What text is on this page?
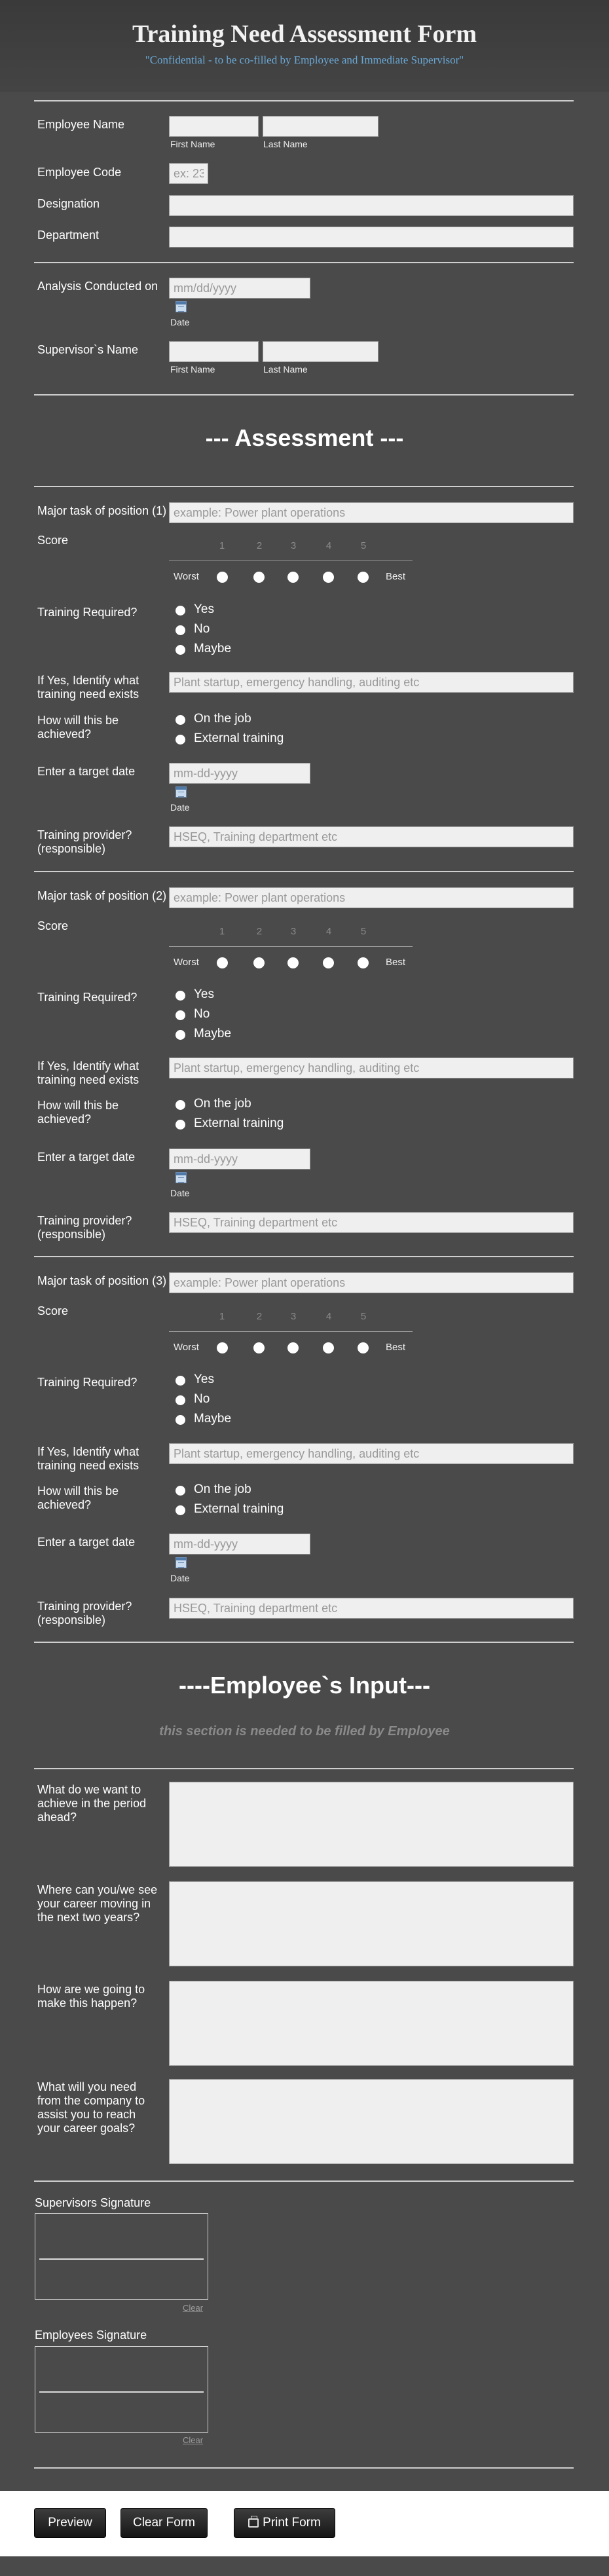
Training Need Assessment Form
"Confidential - to be co-filled by Employee and Immediate Supervisor"
Employee Name
First Name	Last Name
Employee Code
ex: 23
Designation
Department
Analysis Conducted on
mm/dd/yyyy
Date
Supervisor`s Name
First Name	Last Name
--- Assessment ---
Major task of position (1)
example: Power plant operations
Score	1	2	3	4	5
Worst	Best
Training Required?	Yes
No
Maybe
If Yes, Identify what training need exists
Plant startup, emergency handling, auditing etc
How will this be achieved?
On the job
External training
Enter a target date
mm-dd-yyyy
Date
Training provider? (responsible)
HSEQ, Training department etc
Major task of position (2)
example: Power plant operations
Score	1	2	3	4	5
Worst	Best
Training Required?	Yes
No
Maybe
If Yes, Identify what training need exists
Plant startup, emergency handling, auditing etc
How will this be achieved?
On the job
External training
Enter a target date
mm-dd-yyyy
Date
Training provider? (responsible)
HSEQ, Training department etc
Major task of position (3)
example: Power plant operations
Score	1	2	3	4	5
Worst	Best
Training Required?	Yes
No
Maybe
If Yes, Identify what training need exists
Plant startup, emergency handling, auditing etc
How will this be achieved?
On the job
External training
Enter a target date
mm-dd-yyyy
Date
Training provider? (responsible)
HSEQ, Training department etc
----Employee`s Input---
this section is needed to be filled by Employee
What do we want to achieve in the period ahead?
Where can you/we see your career moving in the next two years?
How are we going to make this happen?
What will you need from the company to assist you to reach your career goals?
Supervisors Signature
Clear
Employees Signature
Clear
Preview	Clear Form	Print Form
